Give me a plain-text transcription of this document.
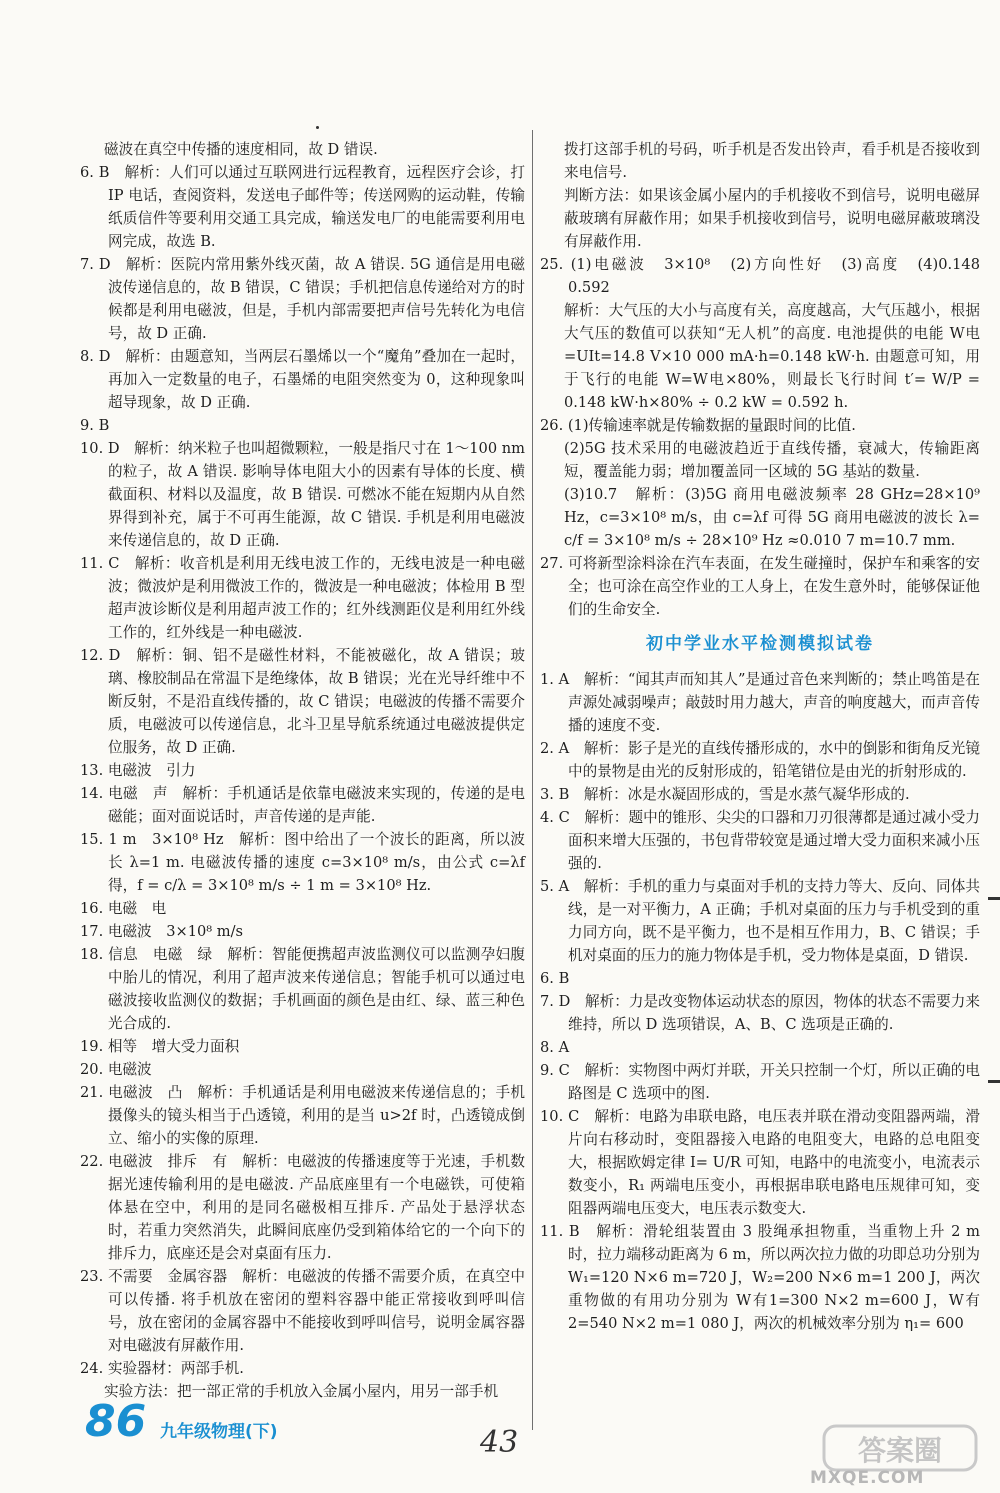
磁波在真空中传播的速度相同，故 D 错误.

6. B　解析：人们可以通过互联网进行远程教育，远程医疗会诊，打 IP 电话，查阅资料，发送电子邮件等；传送网购的运动鞋，传输纸质信件等要利用交通工具完成，输送发电厂的电能需要利用电网完成，故选 B.

7. D　解析：医院内常用紫外线灭菌，故 A 错误. 5G 通信是用电磁波传递信息的，故 B 错误，C 错误；手机把信息传递给对方的时候都是利用电磁波，但是，手机内部需要把声信号先转化为电信号，故 D 正确.

8. D　解析：由题意知，当两层石墨烯以一个“魔角”叠加在一起时，再加入一定数量的电子，石墨烯的电阻突然变为 0，这种现象叫超导现象，故 D 正确.

9. B

10. D　解析：纳米粒子也叫超微颗粒，一般是指尺寸在 1～100 nm 的粒子，故 A 错误. 影响导体电阻大小的因素有导体的长度、横截面积、材料以及温度，故 B 错误. 可燃冰不能在短期内从自然界得到补充，属于不可再生能源，故 C 错误. 手机是利用电磁波来传递信息的，故 D 正确.

11. C　解析：收音机是利用无线电波工作的，无线电波是一种电磁波；微波炉是利用微波工作的，微波是一种电磁波；体检用 B 型超声波诊断仪是利用超声波工作的；红外线测距仪是利用红外线工作的，红外线是一种电磁波.

12. D　解析：铜、铝不是磁性材料，不能被磁化，故 A 错误；玻璃、橡胶制品在常温下是绝缘体，故 B 错误；光在光导纤维中不断反射，不是沿直线传播的，故 C 错误；电磁波的传播不需要介质，电磁波可以传递信息，北斗卫星导航系统通过电磁波提供定位服务，故 D 正确.

13. 电磁波　引力

14. 电磁　声　解析：手机通话是依靠电磁波来实现的，传递的是电磁能；面对面说话时，声音传递的是声能.

15. 1 m　3×10⁸ Hz　解析：图中给出了一个波长的距离，所以波长 λ=1 m. 电磁波传播的速度 c=3×10⁸ m/s，由公式 c=λf 得，f = c/λ = 3×10⁸ m/s ÷ 1 m = 3×10⁸ Hz.

16. 电磁　电

17. 电磁波　3×10⁸ m/s

18. 信息　电磁　绿　解析：智能便携超声波监测仪可以监测孕妇腹中胎儿的情况，利用了超声波来传递信息；智能手机可以通过电磁波接收监测仪的数据；手机画面的颜色是由红、绿、蓝三种色光合成的.

19. 相等　增大受力面积

20. 电磁波

21. 电磁波　凸　解析：手机通话是利用电磁波来传递信息的；手机摄像头的镜头相当于凸透镜，利用的是当 u>2f 时，凸透镜成倒立、缩小的实像的原理.

22. 电磁波　排斥　有　解析：电磁波的传播速度等于光速，手机数据光速传输利用的是电磁波. 产品底座里有一个电磁铁，可使箱体悬在空中，利用的是同名磁极相互排斥. 产品处于悬浮状态时，若重力突然消失，此瞬间底座仍受到箱体给它的一个向下的排斥力，底座还是会对桌面有压力.

23. 不需要　金属容器　解析：电磁波的传播不需要介质，在真空中可以传播. 将手机放在密闭的塑料容器中能正常接收到呼叫信号，放在密闭的金属容器中不能接收到呼叫信号，说明金属容器对电磁波有屏蔽作用.

24. 实验器材：两部手机.

实验方法：把一部正常的手机放入金属小屋内，用另一部手机

拨打这部手机的号码，听手机是否发出铃声，看手机是否接收到来电信号.

判断方法：如果该金属小屋内的手机接收不到信号，说明电磁屏蔽玻璃有屏蔽作用；如果手机接收到信号，说明电磁屏蔽玻璃没有屏蔽作用.

25. (1)电磁波　3×10⁸　(2)方向性好　(3)高度　(4)0.148　0.592

解析：大气压的大小与高度有关，高度越高，大气压越小，根据大气压的数值可以获知“无人机”的高度. 电池提供的电能 W电 =UIt=14.8 V×10 000 mA·h=0.148 kW·h. 由题意可知，用于飞行的电能 W=W电×80%，则最长飞行时间 t′= W/P = 0.148 kW·h×80% ÷ 0.2 kW = 0.592 h.

26. (1)传输速率就是传输数据的量跟时间的比值.

(2)5G 技术采用的电磁波趋近于直线传播，衰减大，传输距离短，覆盖能力弱；增加覆盖同一区域的 5G 基站的数量.

(3)10.7　解析：(3)5G 商用电磁波频率 28 GHz=28×10⁹ Hz，c=3×10⁸ m/s，由 c=λf 可得 5G 商用电磁波的波长 λ= c/f = 3×10⁸ m/s ÷ 28×10⁹ Hz ≈0.010 7 m=10.7 mm.

27. 可将新型涂料涂在汽车表面，在发生碰撞时，保护车和乘客的安全；也可涂在高空作业的工人身上，在发生意外时，能够保证他们的生命安全.

初中学业水平检测模拟试卷

1. A　解析：“闻其声而知其人”是通过音色来判断的；禁止鸣笛是在声源处减弱噪声；敲鼓时用力越大，声音的响度越大，而声音传播的速度不变.

2. A　解析：影子是光的直线传播形成的，水中的倒影和街角反光镜中的景物是由光的反射形成的，铅笔错位是由光的折射形成的.

3. B　解析：冰是水凝固形成的，雪是水蒸气凝华形成的.

4. C　解析：题中的锥形、尖尖的口器和刀刃很薄都是通过减小受力面积来增大压强的，书包背带较宽是通过增大受力面积来减小压强的.

5. A　解析：手机的重力与桌面对手机的支持力等大、反向、同体共线，是一对平衡力，A 正确；手机对桌面的压力与手机受到的重力同方向，既不是平衡力，也不是相互作用力，B、C 错误；手机对桌面的压力的施力物体是手机，受力物体是桌面，D 错误.

6. B

7. D　解析：力是改变物体运动状态的原因，物体的状态不需要力来维持，所以 D 选项错误，A、B、C 选项是正确的.

8. A

9. C　解析：实物图中两灯并联，开关只控制一个灯，所以正确的电路图是 C 选项中的图.

10. C　解析：电路为串联电路，电压表并联在滑动变阻器两端，滑片向右移动时，变阻器接入电路的电阻变大，电路的总电阻变大，根据欧姆定律 I= U/R 可知，电路中的电流变小，电流表示数变小，R₁ 两端电压变小，再根据串联电路电压规律可知，变阻器两端电压变大，电压表示数变大.

11. B　解析：滑轮组装置由 3 股绳承担物重，当重物上升 2 m 时，拉力端移动距离为 6 m，所以两次拉力做的功即总功分别为 W₁=120 N×6 m=720 J，W₂=200 N×6 m=1 200 J，两次重物做的有用功分别为 W有1=300 N×2 m=600 J，W有2=540 N×2 m=1 080 J，两次的机械效率分别为 η₁= 600

86 九年级物理(下)	43	答案圈
MXQE.COM
